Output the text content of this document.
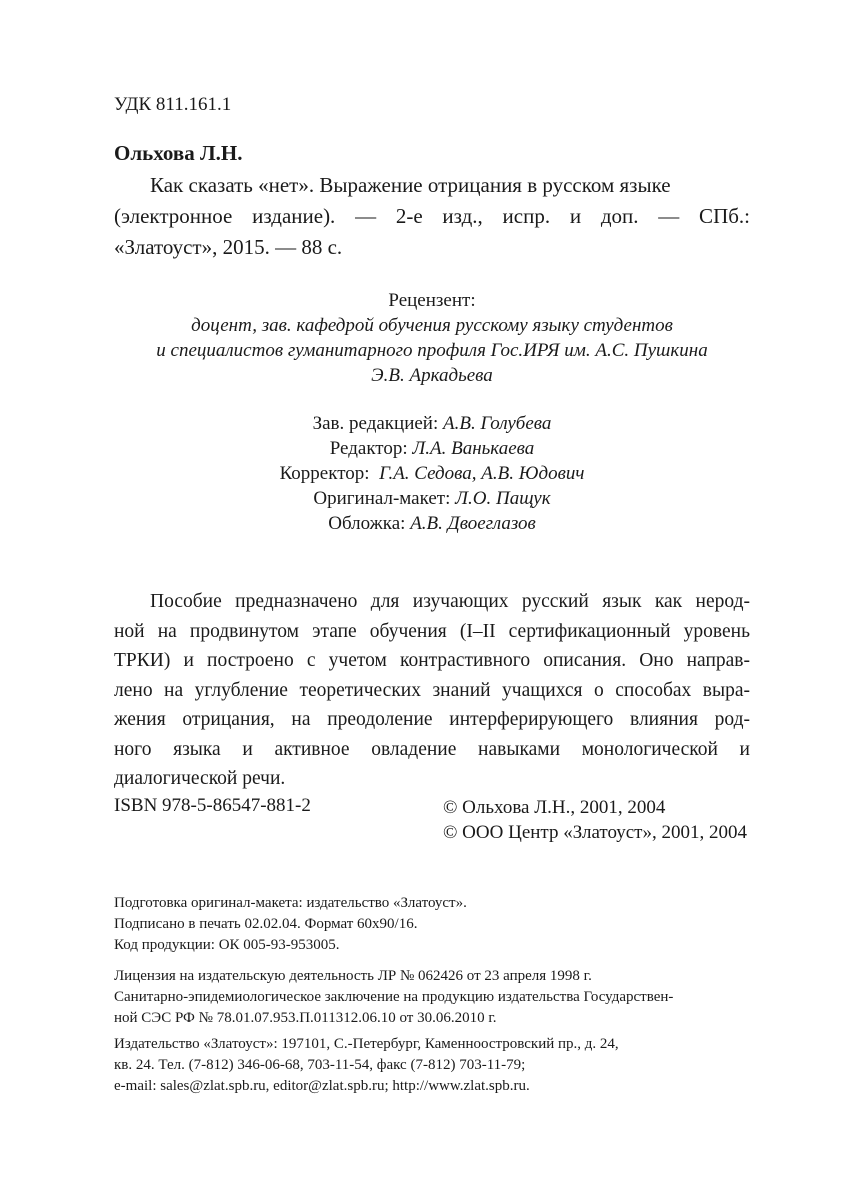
УДК 811.161.1

Ольхова Л.Н.

Как сказать «нет». Выражение отрицания в русском языке
(электронное издание). — 2-е изд., испр. и доп. — СПб.:
«Златоуст», 2015. — 88 с.
Рецензент:
доцент, зав. кафедрой обучения русскому языку студентов
и специалистов гуманитарного профиля Гос.ИРЯ им. А.С. Пушкина
Э.В. Аркадьева
Зав. редакцией: А.В. Голубева
Редактор: Л.А. Ванькаева
Корректор: Г.А. Седова, А.В. Юдович
Оригинал-макет: Л.О. Пащук
Обложка: А.В. Двоеглазов
Пособие предназначено для изучающих русский язык как нерод-
ной на продвинутом этапе обучения (I–II сертификационный уровень
ТРКИ) и построено с учетом контрастивного описания. Оно направ-
лено на углубление теоретических знаний учащихся о способах выра-
жения отрицания, на преодоление интерферирующего влияния род-
ного языка и активное овладение навыками монологической и
диалогической речи.

ISBN 978-5-86547-881-2	© Ольхова Л.Н., 2001, 2004
© ООО Центр «Златоуст», 2001, 2004
Подготовка оригинал-макета: издательство «Златоуст».
Подписано в печать 02.02.04. Формат 60х90/16.
Код продукции: ОК 005-93-953005.
Лицензия на издательскую деятельность ЛР № 062426 от 23 апреля 1998 г.
Санитарно-эпидемиологическое заключение на продукцию издательства Государствен-
ной СЭС РФ № 78.01.07.953.П.011312.06.10 от 30.06.2010 г.
Издательство «Златоуст»: 197101, С.-Петербург, Каменноостровский пр., д. 24,
кв. 24. Тел. (7-812) 346-06-68, 703-11-54, факс (7-812) 703-11-79;
e-mail: sales@zlat.spb.ru, editor@zlat.spb.ru; http://www.zlat.spb.ru.
